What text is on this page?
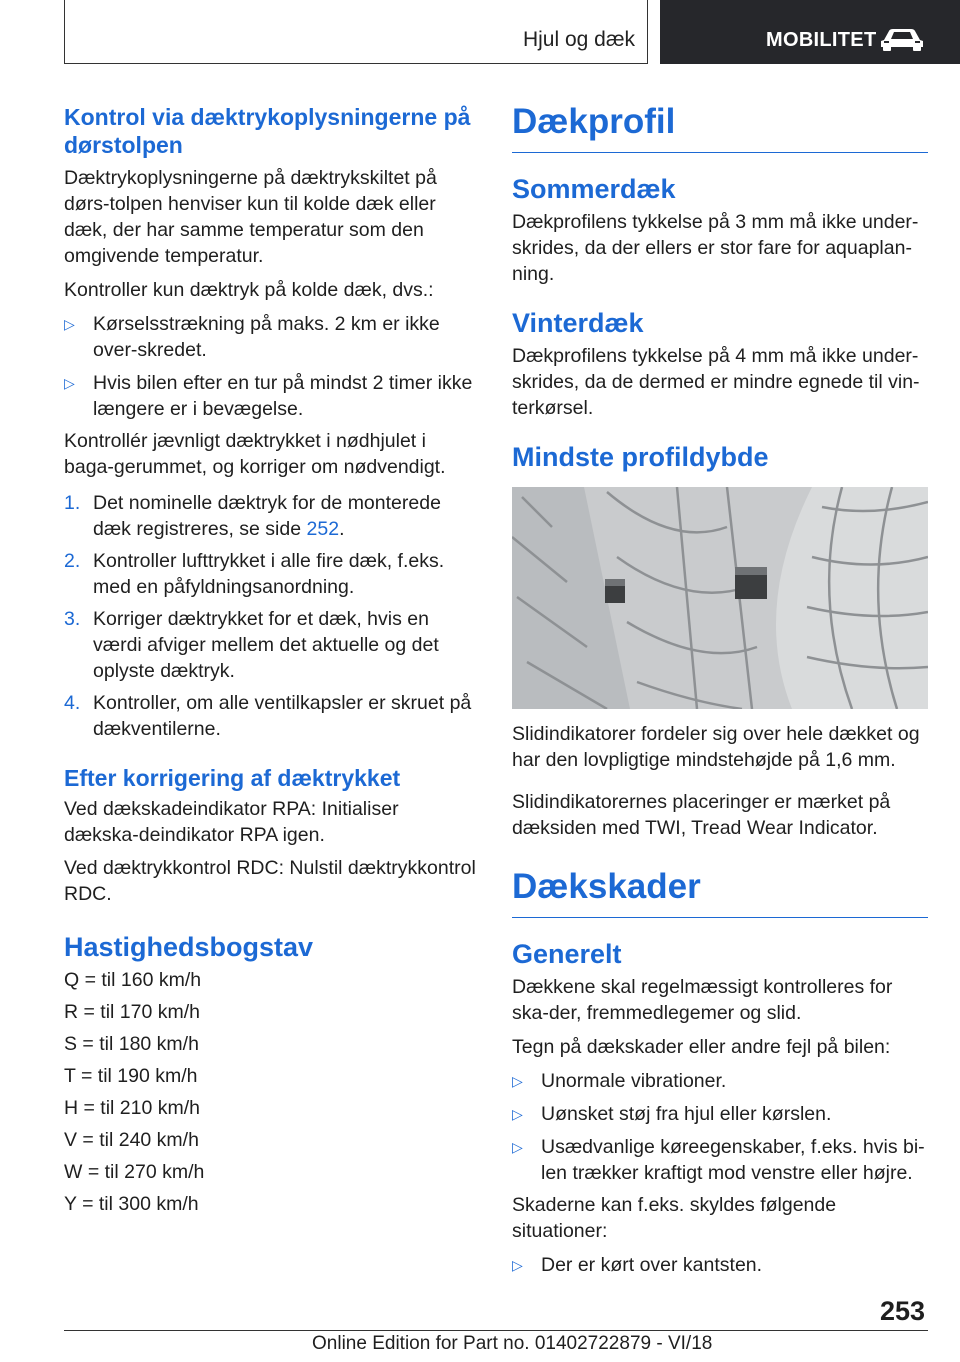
Hjul og dæk	MOBILITET
Kontrol via dæktrykoplysningerne på dørstolpen

Dæktrykoplysningerne på dæktrykskiltet på dørs-tolpen henviser kun til kolde dæk eller dæk, der har samme temperatur som den omgivende temperatur.

Kontroller kun dæktryk på kolde dæk, dvs.:

▷ Kørselsstrækning på maks. 2 km er ikke over-skredet.
▷ Hvis bilen efter en tur på mindst 2 timer ikke længere er i bevægelse.

Kontrollér jævnligt dæktrykket i nødhjulet i baga-gerummet, og korriger om nødvendigt.

1. Det nominelle dæktryk for de monterede dæk registreres, se side 252.
2. Kontroller lufttrykket i alle fire dæk, f.eks. med en påfyldningsanordning.
3. Korriger dæktrykket for et dæk, hvis en værdi afviger mellem det aktuelle og det oplyste dæktryk.
4. Kontroller, om alle ventilkapsler er skruet på dækventilerne.
Efter korrigering af dæktrykket

Ved dækskadeindikator RPA: Initialiser dækska-deindikator RPA igen.

Ved dæktrykkontrol RDC: Nulstil dæktrykkontrol RDC.

Hastighedsbogstav

Q = til 160 km/h

R = til 170 km/h

S = til 180 km/h

T = til 190 km/h

H = til 210 km/h

V = til 240 km/h

W = til 270 km/h

Y = til 300 km/h

Dækprofil
Sommerdæk

Dækprofilens tykkelse på 3 mm må ikke under-skrides, da der ellers er stor fare for aquaplan-ning.

Vinterdæk

Dækprofilens tykkelse på 4 mm må ikke under-skrides, da de dermed er mindre egnede til vin-terkørsel.

Mindste profildybde

Slidindikatorer fordeler sig over hele dækket og har den lovpligtige mindstehøjde på 1,6 mm.

Slidindikatorernes placeringer er mærket på dæksiden med TWI, Tread Wear Indicator.

Dækskader
Generelt

Dækkene skal regelmæssigt kontrolleres for ska-der, fremmedlegemer og slid.

Tegn på dækskader eller andre fejl på bilen:

▷ Unormale vibrationer.
▷ Uønsket støj fra hjul eller kørslen.
▷ Usædvanlige køreegenskaber, f.eks. hvis bi-len trækker kraftigt mod venstre eller højre.

Skaderne kan f.eks. skyldes følgende situationer:

▷ Der er kørt over kantsten.
253
Online Edition for Part no. 01402722879 - VI/18
